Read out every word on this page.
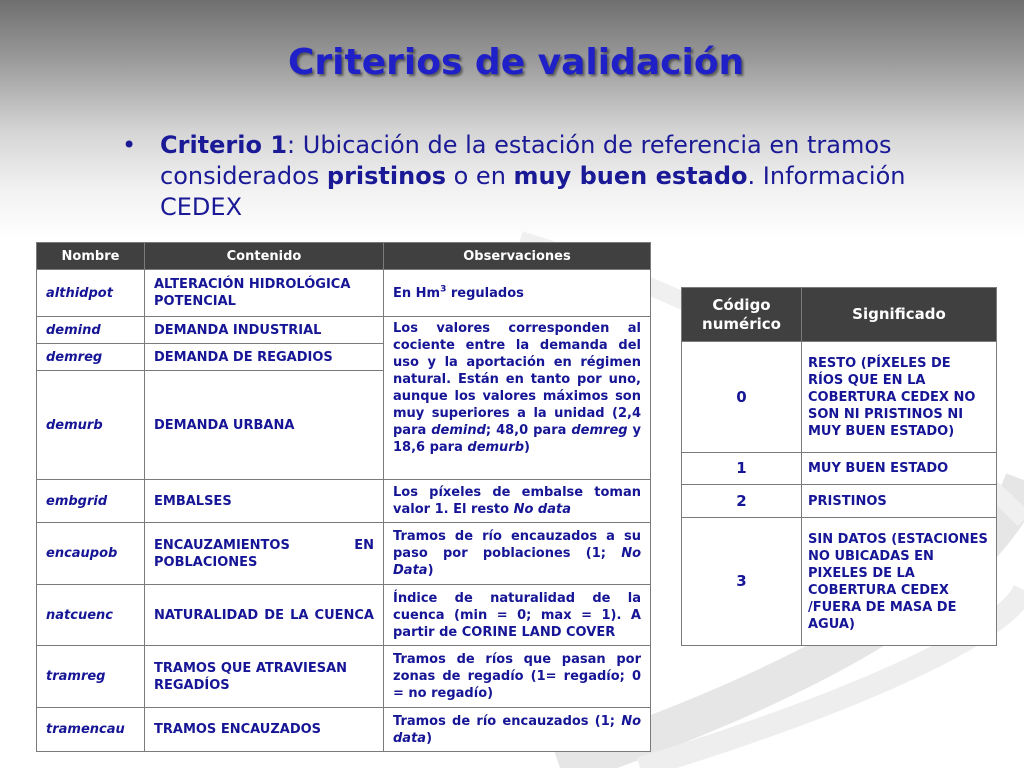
Criterios de validación
• Criterio 1: Ubicación de la estación de referencia en tramos considerados pristinos o en muy buen estado. Información CEDEX
Nombre	Contenido	Observaciones
althidpot	ALTERACIÓN HIDROLÓGICA POTENCIAL	En Hm$^3$ regulados
demind	DEMANDA INDUSTRIAL	Los valores corresponden al cociente entre la demanda del uso y la aportación en régimen natural. Están en tanto por uno, aunque los valores máximos son muy superiores a la unidad (2,4 para demind; 48,0 para demreg y 18,6 para demurb)
demreg	DEMANDA DE REGADIOS	
demurb	DEMANDA URBANA	
embgrid	EMBALSES	Los píxeles de embalse toman valor 1. El resto No data
encaupob	ENCAUZAMIENTOS EN POBLACIONES	Tramos de río encauzados a su paso por poblaciones (1; No Data)
natcuenc	NATURALIDAD DE LA CUENCA	Índice de naturalidad de la cuenca (min = 0; max = 1). A partir de CORINE LAND COVER
tramreg	TRAMOS QUE ATRAVIESAN REGADÍOS	Tramos de ríos que pasan por zonas de regadío (1= regadío; 0 = no regadío)
tramencau	TRAMOS ENCAUZADOS	Tramos de río encauzados (1; No data)
Código numérico	Significado
0	RESTO (PÍXELES DE RÍOS QUE EN LA COBERTURA CEDEX NO SON NI PRISTINOS NI MUY BUEN ESTADO)
1	MUY BUEN ESTADO
2	PRISTINOS
3	SIN DATOS (ESTACIONES NO UBICADAS EN PIXELES DE LA COBERTURA CEDEX /FUERA DE MASA DE AGUA)
